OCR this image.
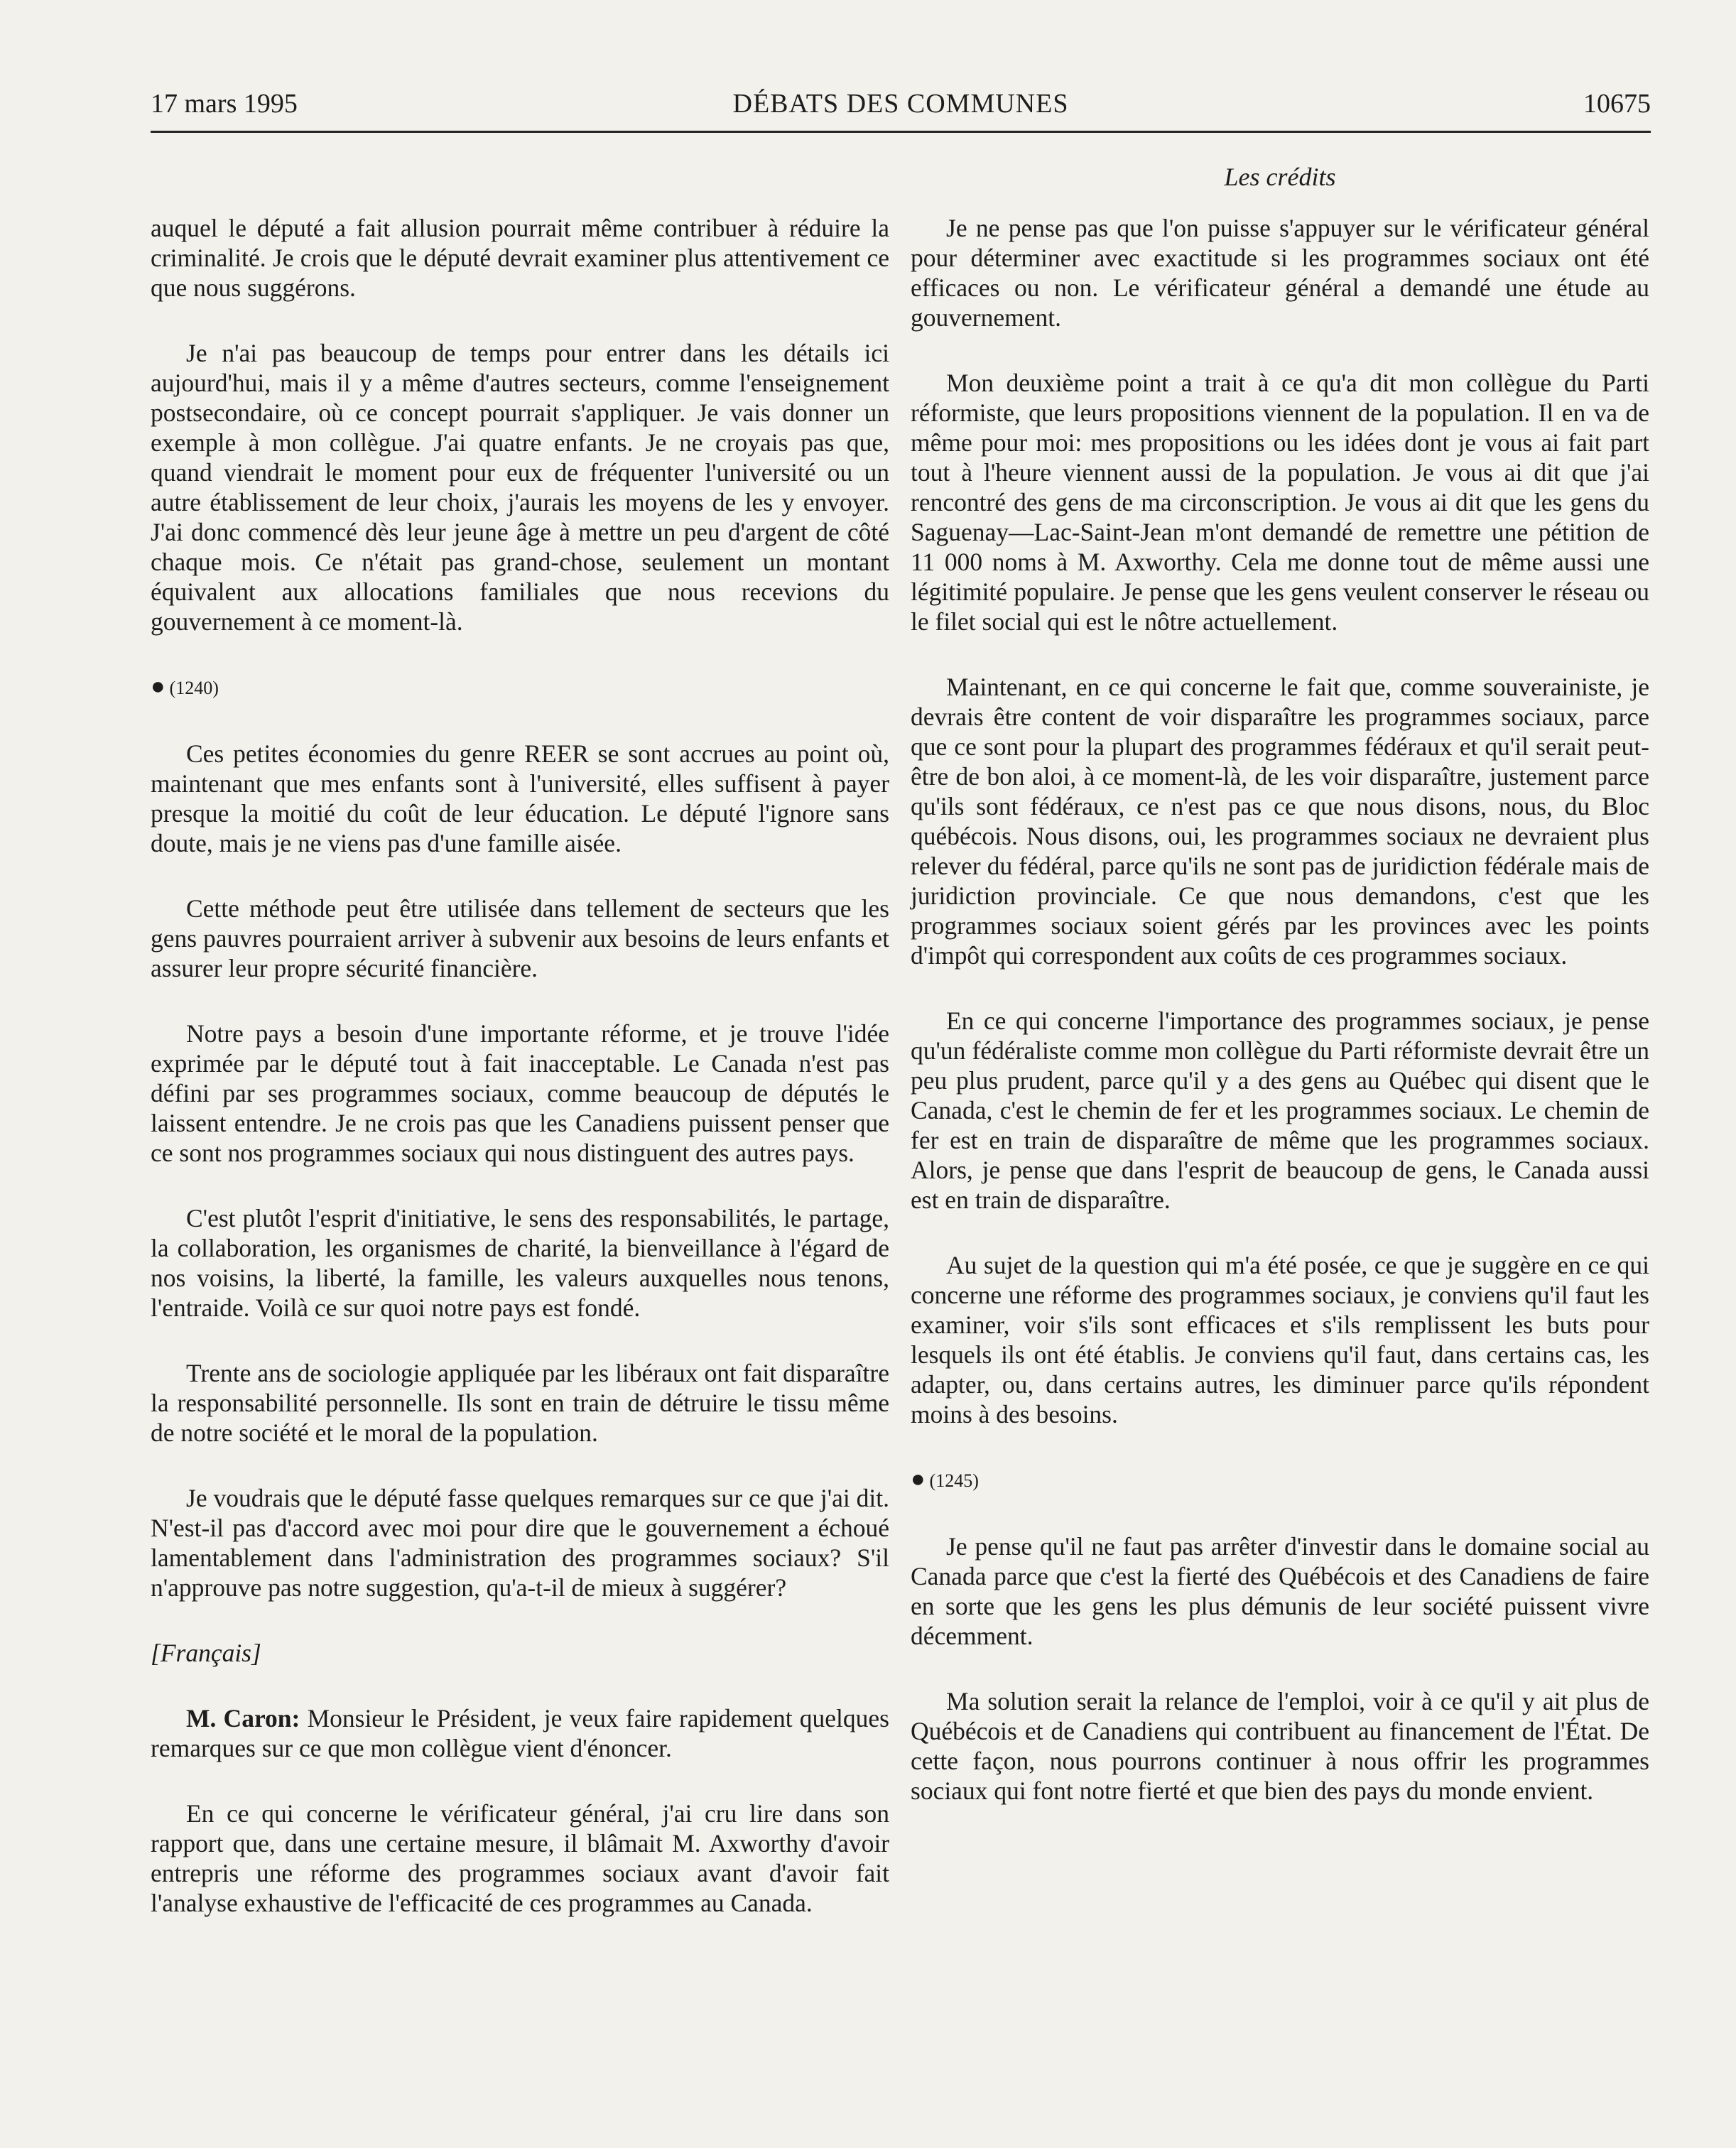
17 mars 1995	DÉBATS DES COMMUNES	10675
Les crédits

auquel le député a fait allusion pourrait même contribuer à réduire la criminalité. Je crois que le député devrait examiner plus attentivement ce que nous suggérons.

Je n'ai pas beaucoup de temps pour entrer dans les détails ici aujourd'hui, mais il y a même d'autres secteurs, comme l'enseignement postsecondaire, où ce concept pourrait s'appliquer. Je vais donner un exemple à mon collègue. J'ai quatre enfants. Je ne croyais pas que, quand viendrait le moment pour eux de fréquenter l'université ou un autre établissement de leur choix, j'aurais les moyens de les y envoyer. J'ai donc commencé dès leur jeune âge à mettre un peu d'argent de côté chaque mois. Ce n'était pas grand-chose, seulement un montant équivalent aux allocations familiales que nous recevions du gouvernement à ce moment-là.

● (1240)

Ces petites économies du genre REER se sont accrues au point où, maintenant que mes enfants sont à l'université, elles suffisent à payer presque la moitié du coût de leur éducation. Le député l'ignore sans doute, mais je ne viens pas d'une famille aisée.

Cette méthode peut être utilisée dans tellement de secteurs que les gens pauvres pourraient arriver à subvenir aux besoins de leurs enfants et assurer leur propre sécurité financière.

Notre pays a besoin d'une importante réforme, et je trouve l'idée exprimée par le député tout à fait inacceptable. Le Canada n'est pas défini par ses programmes sociaux, comme beaucoup de députés le laissent entendre. Je ne crois pas que les Canadiens puissent penser que ce sont nos programmes sociaux qui nous distinguent des autres pays.

C'est plutôt l'esprit d'initiative, le sens des responsabilités, le partage, la collaboration, les organismes de charité, la bienveillance à l'égard de nos voisins, la liberté, la famille, les valeurs auxquelles nous tenons, l'entraide. Voilà ce sur quoi notre pays est fondé.

Trente ans de sociologie appliquée par les libéraux ont fait disparaître la responsabilité personnelle. Ils sont en train de détruire le tissu même de notre société et le moral de la population.

Je voudrais que le député fasse quelques remarques sur ce que j'ai dit. N'est-il pas d'accord avec moi pour dire que le gouvernement a échoué lamentablement dans l'administration des programmes sociaux? S'il n'approuve pas notre suggestion, qu'a-t-il de mieux à suggérer?

[Français]

M. Caron: Monsieur le Président, je veux faire rapidement quelques remarques sur ce que mon collègue vient d'énoncer.

En ce qui concerne le vérificateur général, j'ai cru lire dans son rapport que, dans une certaine mesure, il blâmait M. Axworthy d'avoir entrepris une réforme des programmes sociaux avant d'avoir fait l'analyse exhaustive de l'efficacité de ces programmes au Canada.

Je ne pense pas que l'on puisse s'appuyer sur le vérificateur général pour déterminer avec exactitude si les programmes sociaux ont été efficaces ou non. Le vérificateur général a demandé une étude au gouvernement.

Mon deuxième point a trait à ce qu'a dit mon collègue du Parti réformiste, que leurs propositions viennent de la population. Il en va de même pour moi: mes propositions ou les idées dont je vous ai fait part tout à l'heure viennent aussi de la population. Je vous ai dit que j'ai rencontré des gens de ma circonscription. Je vous ai dit que les gens du Saguenay—Lac-Saint-Jean m'ont demandé de remettre une pétition de 11 000 noms à M. Axworthy. Cela me donne tout de même aussi une légitimité populaire. Je pense que les gens veulent conserver le réseau ou le filet social qui est le nôtre actuellement.

Maintenant, en ce qui concerne le fait que, comme souverainiste, je devrais être content de voir disparaître les programmes sociaux, parce que ce sont pour la plupart des programmes fédéraux et qu'il serait peut-être de bon aloi, à ce moment-là, de les voir disparaître, justement parce qu'ils sont fédéraux, ce n'est pas ce que nous disons, nous, du Bloc québécois. Nous disons, oui, les programmes sociaux ne devraient plus relever du fédéral, parce qu'ils ne sont pas de juridiction fédérale mais de juridiction provinciale. Ce que nous demandons, c'est que les programmes sociaux soient gérés par les provinces avec les points d'impôt qui correspondent aux coûts de ces programmes sociaux.

En ce qui concerne l'importance des programmes sociaux, je pense qu'un fédéraliste comme mon collègue du Parti réformiste devrait être un peu plus prudent, parce qu'il y a des gens au Québec qui disent que le Canada, c'est le chemin de fer et les programmes sociaux. Le chemin de fer est en train de disparaître de même que les programmes sociaux. Alors, je pense que dans l'esprit de beaucoup de gens, le Canada aussi est en train de disparaître.

Au sujet de la question qui m'a été posée, ce que je suggère en ce qui concerne une réforme des programmes sociaux, je conviens qu'il faut les examiner, voir s'ils sont efficaces et s'ils remplissent les buts pour lesquels ils ont été établis. Je conviens qu'il faut, dans certains cas, les adapter, ou, dans certains autres, les diminuer parce qu'ils répondent moins à des besoins.

● (1245)

Je pense qu'il ne faut pas arrêter d'investir dans le domaine social au Canada parce que c'est la fierté des Québécois et des Canadiens de faire en sorte que les gens les plus démunis de leur société puissent vivre décemment.

Ma solution serait la relance de l'emploi, voir à ce qu'il y ait plus de Québécois et de Canadiens qui contribuent au financement de l'État. De cette façon, nous pourrons continuer à nous offrir les programmes sociaux qui font notre fierté et que bien des pays du monde envient.
